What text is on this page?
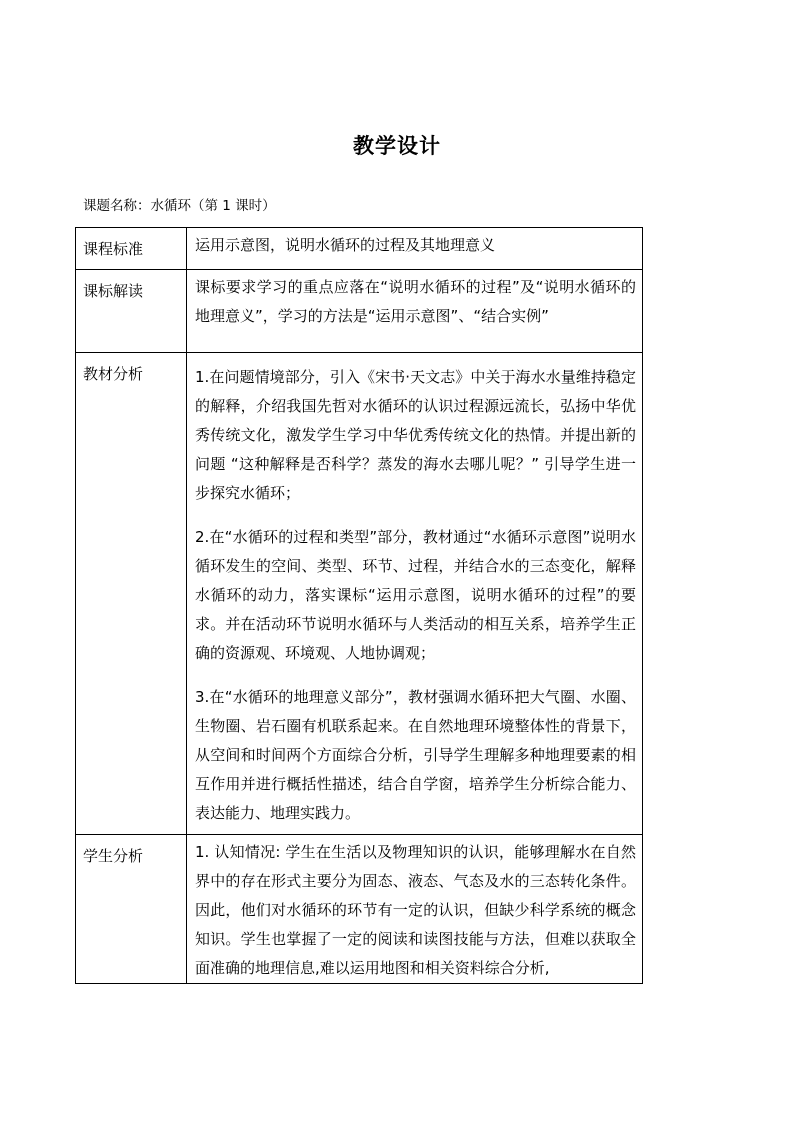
教学设计
课题名称：水循环（第 1 课时）
课程标准	运用示意图，说明水循环的过程及其地理意义

课标解读	课标要求学习的重点应落在“说明水循环的过程”及“说明水循环的地理意义”，学习的方法是“运用示意图”、“结合实例”

教材分析	1.在问题情境部分，引入《宋书·天文志》中关于海水水量维持稳定的解释，介绍我国先哲对水循环的认识过程源远流长，弘扬中华优秀传统文化，激发学生学习中华优秀传统文化的热情。并提出新的问题 “这种解释是否科学？蒸发的海水去哪儿呢？” 引导学生进一步探究水循环；

2.在“水循环的过程和类型”部分，教材通过“水循环示意图”说明水循环发生的空间、类型、环节、过程，并结合水的三态变化，解释水循环的动力，落实课标“运用示意图，说明水循环的过程”的要求。并在活动环节说明水循环与人类活动的相互关系，培养学生正确的资源观、环境观、人地协调观；

3.在“水循环的地理意义部分”，教材强调水循环把大气圈、水圈、生物圈、岩石圈有机联系起来。在自然地理环境整体性的背景下，从空间和时间两个方面综合分析，引导学生理解多种地理要素的相互作用并进行概括性描述，结合自学窗，培养学生分析综合能力、表达能力、地理实践力。

学生分析	1. 认知情况: 学生在生活以及物理知识的认识，能够理解水在自然界中的存在形式主要分为固态、液态、气态及水的三态转化条件。因此，他们对水循环的环节有一定的认识，但缺少科学系统的概念知识。学生也掌握了一定的阅读和读图技能与方法，但难以获取全面准确的地理信息,难以运用地图和相关资料综合分析,
